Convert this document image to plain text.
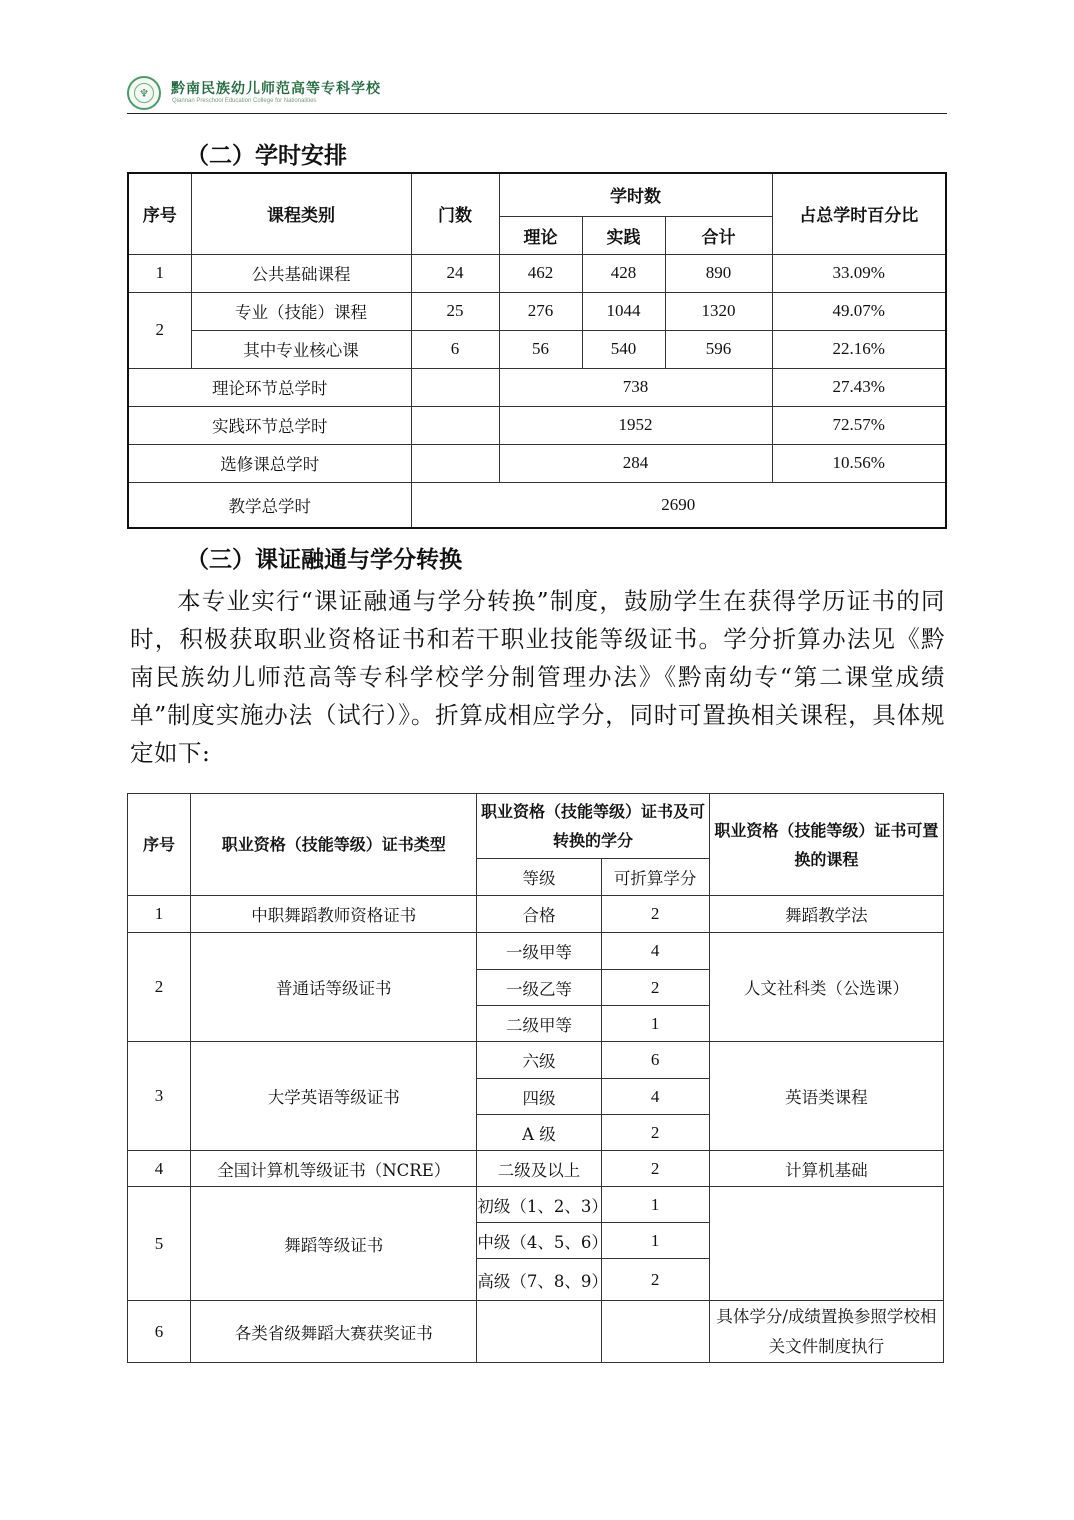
♆	黔南民族幼儿师范高等专科学校
Qiannan Preschool Education College for Nationalities
（二）学时安排
序号	课程类别	门数	学时数			占总学时百分比
			理论	实践	合计	
1	公共基础课程	24	462	428	890	33.09%
2	专业（技能）课程	25	276	1044	1320	49.07%
	其中专业核心课	6	56	540	596	22.16%
理论环节总学时			738			27.43%
实践环节总学时			1952			72.57%
选修课总学时			284			10.56%
教学总学时		2690				
（三）课证融通与学分转换

本专业实行“课证融通与学分转换”制度，鼓励学生在获得学历证书的同时，积极获取职业资格证书和若干职业技能等级证书。学分折算办法见《黔南民族幼儿师范高等专科学校学分制管理办法》《黔南幼专“第二课堂成绩单”制度实施办法（试行）》。折算成相应学分，同时可置换相关课程，具体规定如下:

序号	职业资格（技能等级）证书类型	职业资格（技能等级）证书及可转换的学分		职业资格（技能等级）证书可置换的课程
		等级	可折算学分	
1	中职舞蹈教师资格证书	合格	2	舞蹈教学法
2	普通话等级证书	一级甲等	4	人文社科类（公选课）
		一级乙等	2	
		二级甲等	1	
3	大学英语等级证书	六级	6	英语类课程
		四级	4	
		A 级	2	
4	全国计算机等级证书（NCRE）	二级及以上	2	计算机基础
5	舞蹈等级证书	初级（1、2、3）	1	
		中级（4、5、6）	1	
		高级（7、8、9）	2	
6	各类省级舞蹈大赛获奖证书			具体学分/成绩置换参照学校相关文件制度执行
